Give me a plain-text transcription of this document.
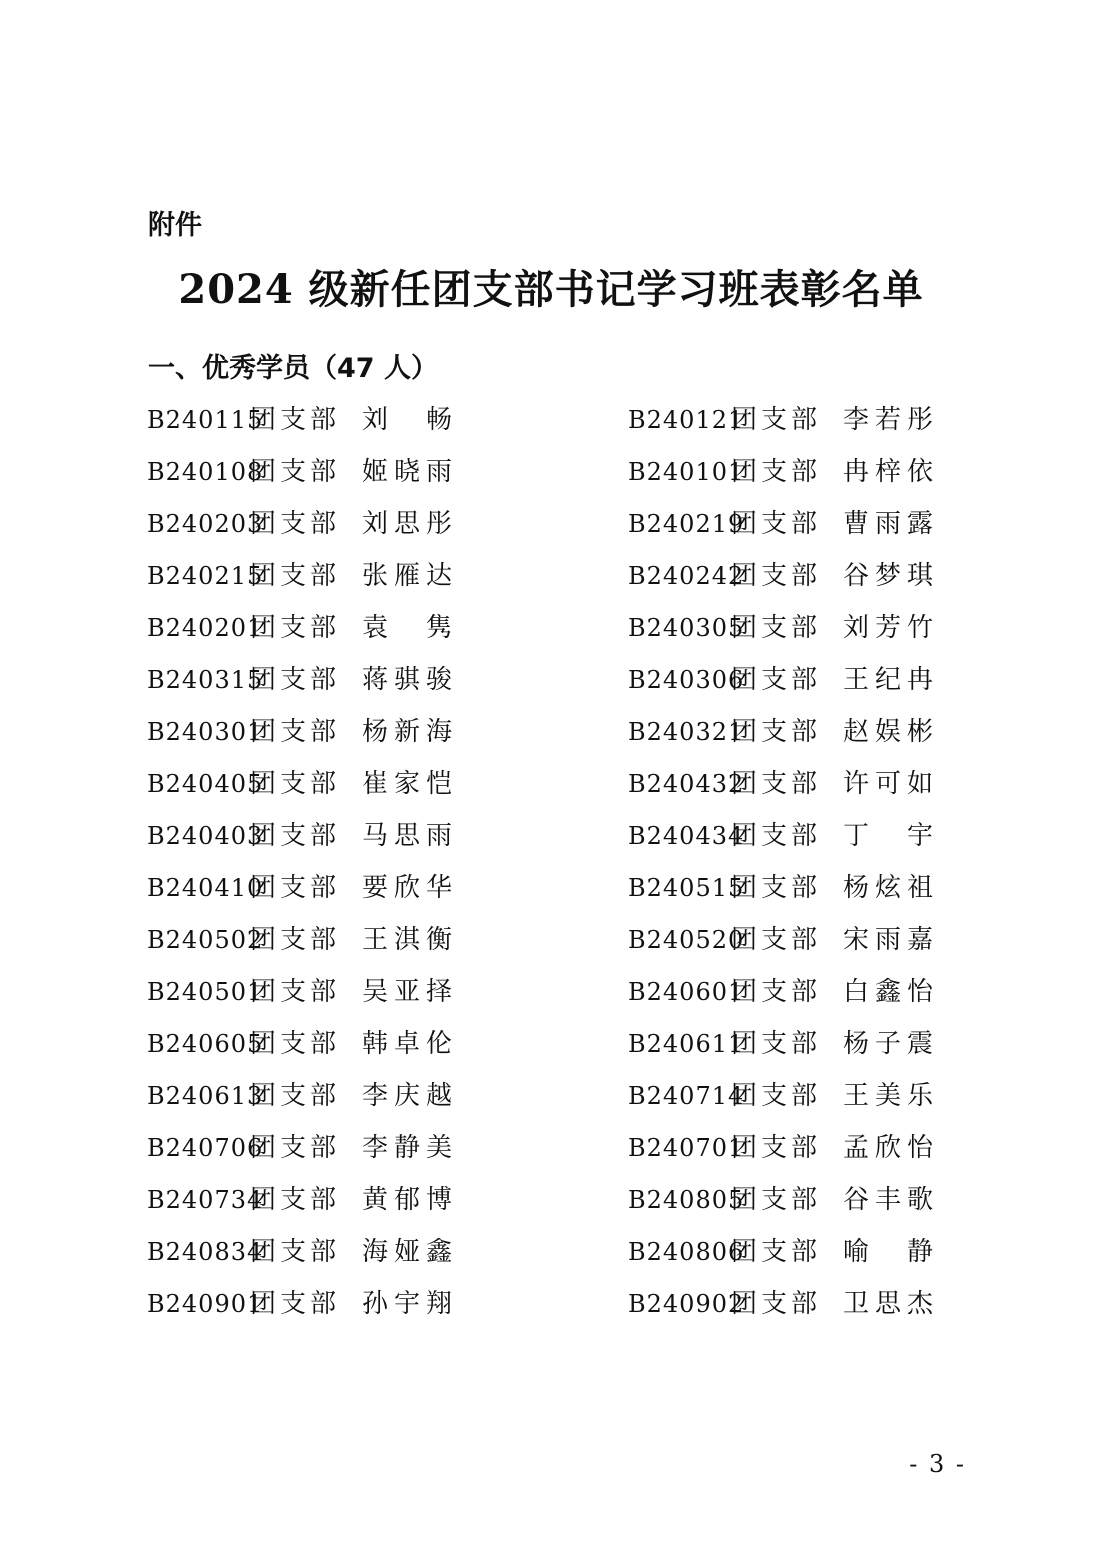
附件

2024 级新任团支部书记学习班表彰名单
一、优秀学员（47 人）
B240115团支部 刘 畅	B240121团支部 李若彤
B240108团支部 姬晓雨	B240101团支部 冉梓依
B240203团支部 刘思彤	B240219团支部 曹雨露
B240215团支部 张雁达	B240242团支部 谷梦琪
B240201团支部 袁 隽	B240305团支部 刘芳竹
B240315团支部 蒋骐骏	B240306团支部 王纪冉
B240301团支部 杨新海	B240321团支部 赵娱彬
B240405团支部 崔家恺	B240432团支部 许可如
B240403团支部 马思雨	B240434团支部 丁 宇
B240410团支部 要欣华	B240515团支部 杨炫祖
B240502团支部 王淇衡	B240520团支部 宋雨嘉
B240501团支部 吴亚择	B240601团支部 白鑫怡
B240605团支部 韩卓伦	B240611团支部 杨子震
B240613团支部 李庆越	B240714团支部 王美乐
B240706团支部 李静美	B240701团支部 孟欣怡
B240734团支部 黄郁博	B240805团支部 谷丰歌
B240834团支部 海娅鑫	B240806团支部 喻 静
B240901团支部 孙宇翔	B240902团支部 卫思杰

- 3 -
